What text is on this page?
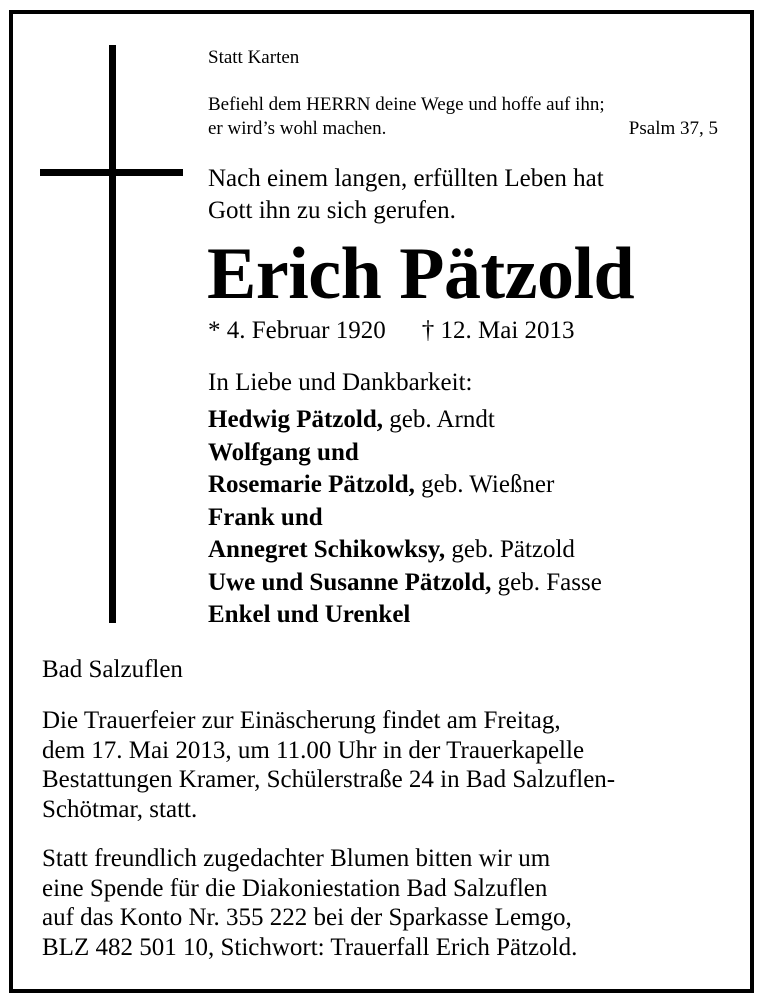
Statt Karten
Befiehl dem HERRN deine Wege und hoffe auf ihn;
er wird’s wohl machen.	Psalm 37, 5
Nach einem langen, erfüllten Leben hat
Gott ihn zu sich gerufen.
Erich Pätzold
* 4. Februar 1920 † 12. Mai 2013
In Liebe und Dankbarkeit:
Hedwig Pätzold, geb. Arndt
Wolfgang und
Rosemarie Pätzold, geb. Wießner
Frank und
Annegret Schikowksy, geb. Pätzold
Uwe und Susanne Pätzold, geb. Fasse
Enkel und Urenkel
Bad Salzuflen
Die Trauerfeier zur Einäscherung findet am Freitag,
dem 17. Mai 2013, um 11.00 Uhr in der Trauerkapelle
Bestattungen Kramer, Schülerstraße 24 in Bad Salzuflen-
Schötmar, statt.
Statt freundlich zugedachter Blumen bitten wir um
eine Spende für die Diakoniestation Bad Salzuflen
auf das Konto Nr. 355 222 bei der Sparkasse Lemgo,
BLZ 482 501 10, Stichwort: Trauerfall Erich Pätzold.
